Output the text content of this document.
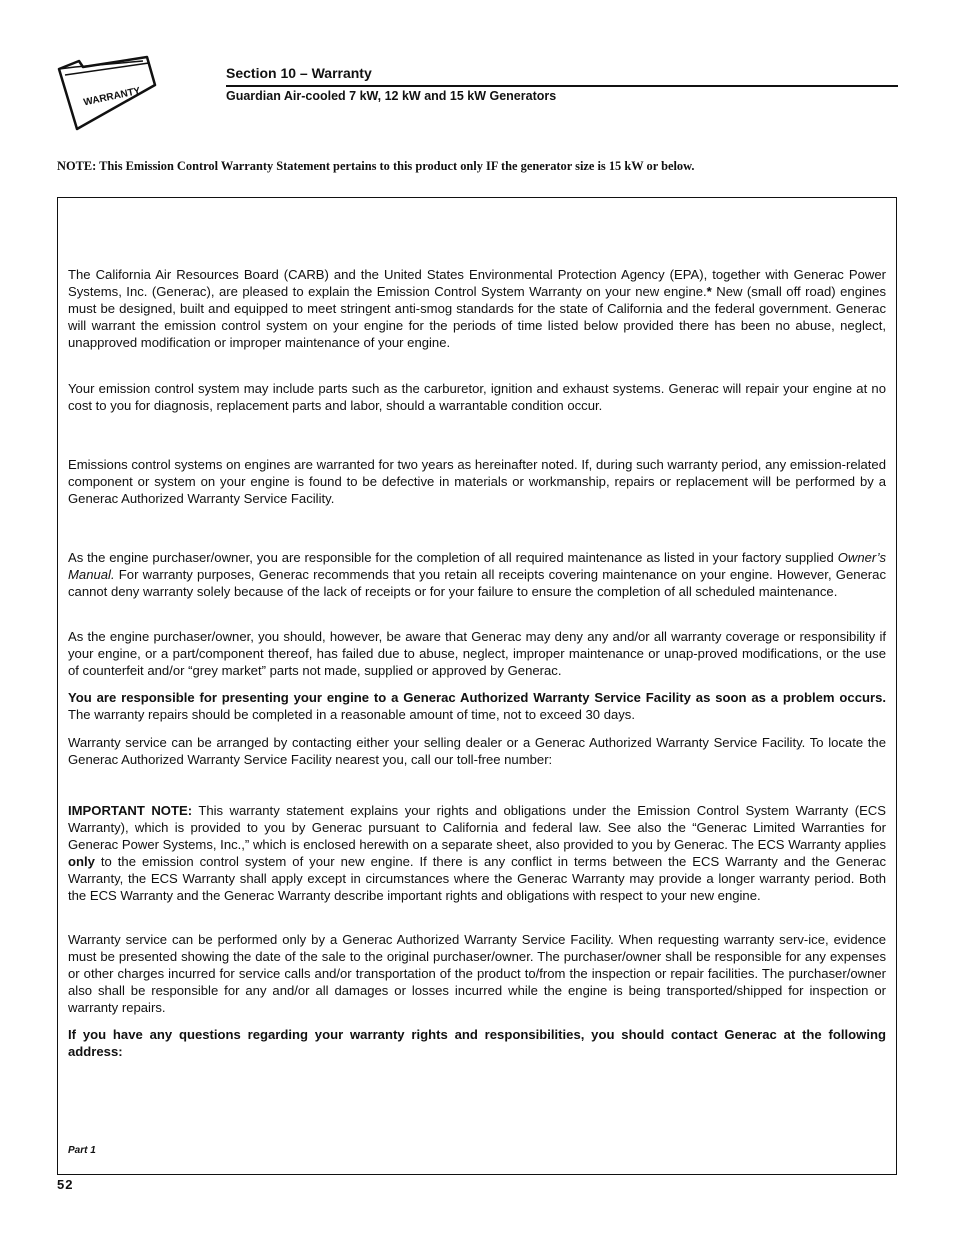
WARRANTY
Section 10 – Warranty
Guardian Air-cooled 7 kW, 12 kW and 15 kW Generators
NOTE: This Emission Control Warranty Statement pertains to this product only IF the generator size is 15 kW or below.

The California Air Resources Board (CARB) and the United States Environmental Protection Agency (EPA), together with Generac Power Systems, Inc. (Generac), are pleased to explain the Emission Control System Warranty on your new engine.* New (small off road) engines must be designed, built and equipped to meet stringent anti-smog standards for the state of California and the federal government. Generac will warrant the emission control system on your engine for the periods of time listed below provided there has been no abuse, neglect, unapproved modification or improper maintenance of your engine.

Your emission control system may include parts such as the carburetor, ignition and exhaust systems. Generac will repair your engine at no cost to you for diagnosis, replacement parts and labor, should a warrantable condition occur.

Emissions control systems on engines are warranted for two years as hereinafter noted. If, during such warranty period, any emission-related component or system on your engine is found to be defective in materials or workmanship, repairs or replacement will be performed by a Generac Authorized Warranty Service Facility.

As the engine purchaser/owner, you are responsible for the completion of all required maintenance as listed in your factory supplied Owner’s Manual. For warranty purposes, Generac recommends that you retain all receipts covering maintenance on your engine. However, Generac cannot deny warranty solely because of the lack of receipts or for your failure to ensure the completion of all scheduled maintenance.

As the engine purchaser/owner, you should, however, be aware that Generac may deny any and/or all warranty coverage or responsibility if your engine, or a part/component thereof, has failed due to abuse, neglect, improper maintenance or unap-proved modifications, or the use of counterfeit and/or “grey market” parts not made, supplied or approved by Generac.

You are responsible for presenting your engine to a Generac Authorized Warranty Service Facility as soon as a problem occurs. The warranty repairs should be completed in a reasonable amount of time, not to exceed 30 days.

Warranty service can be arranged by contacting either your selling dealer or a Generac Authorized Warranty Service Facility. To locate the Generac Authorized Warranty Service Facility nearest you, call our toll-free number:

IMPORTANT NOTE: This warranty statement explains your rights and obligations under the Emission Control System Warranty (ECS Warranty), which is provided to you by Generac pursuant to California and federal law. See also the “Generac Limited Warranties for Generac Power Systems, Inc.,” which is enclosed herewith on a separate sheet, also provided to you by Generac. The ECS Warranty applies only to the emission control system of your new engine. If there is any conflict in terms between the ECS Warranty and the Generac Warranty, the ECS Warranty shall apply except in circumstances where the Generac Warranty may provide a longer warranty period. Both the ECS Warranty and the Generac Warranty describe important rights and obligations with respect to your new engine.

Warranty service can be performed only by a Generac Authorized Warranty Service Facility. When requesting warranty serv-ice, evidence must be presented showing the date of the sale to the original purchaser/owner. The purchaser/owner shall be responsible for any expenses or other charges incurred for service calls and/or transportation of the product to/from the inspection or repair facilities. The purchaser/owner also shall be responsible for any and/or all damages or losses incurred while the engine is being transported/shipped for inspection or warranty repairs.

If you have any questions regarding your warranty rights and responsibilities, you should contact Generac at the following address:

Part 1
52
